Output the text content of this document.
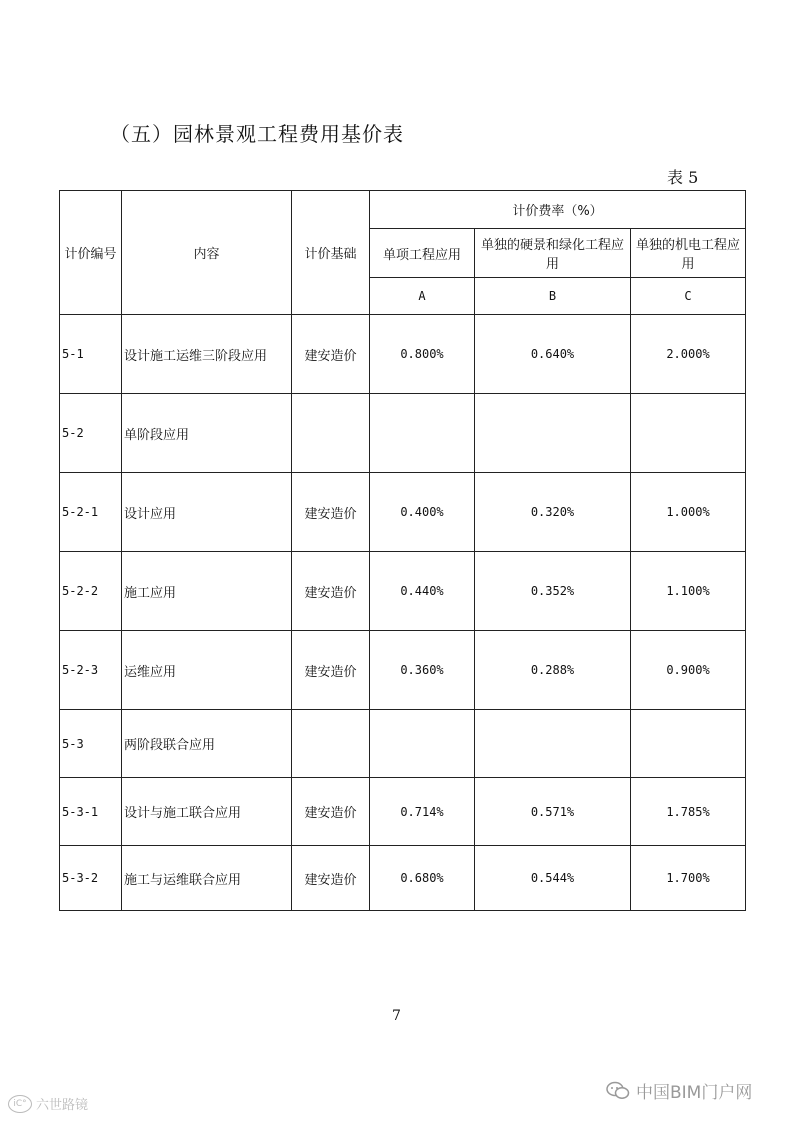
（五）园林景观工程费用基价表
表 5
计价编号	内容	计价基础	计价费率（%）		
			单项工程应用	单独的硬景和绿化工程应用	单独的机电工程应用
			A	B	C
5-1	设计施工运维三阶段应用	建安造价	0.800%	0.640%	2.000%
5-2	单阶段应用				
5-2-1	设计应用	建安造价	0.400%	0.320%	1.000%
5-2-2	施工应用	建安造价	0.440%	0.352%	1.100%
5-2-3	运维应用	建安造价	0.360%	0.288%	0.900%
5-3	两阶段联合应用				
5-3-1	设计与施工联合应用	建安造价	0.714%	0.571%	1.785%
5-3-2	施工与运维联合应用	建安造价	0.680%	0.544%	1.700%
7
iC° 六世路镜
中国BIM门户网
